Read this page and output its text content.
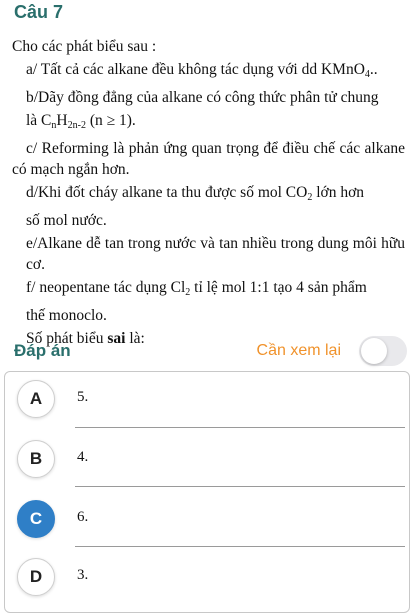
Câu 7

Cho các phát biểu sau :

a/ Tất cả các alkane đều không tác dụng với dd KMnO$_4$..

b/Dãy đồng đẳng của alkane có công thức phân tử chung

là $C_nH_{2n-2}$ (n ≥ 1).

c/ Reforming là phản ứng quan trọng để điều chế các alkane có mạch ngắn hơn.

d/Khi đốt cháy alkane ta thu được số mol $CO_2$ lớn hơn

số mol nước.

e/Alkane dễ tan trong nước và tan nhiều trong dung môi hữu cơ.

f/ neopentane tác dụng $Cl_2$ tỉ lệ mol 1:1 tạo 4 sản phẩm

thế monoclo.

Số phát biểu sai là:

Đáp án	Cần xem lại
A	5.
B	4.
C	6.
D	3.
